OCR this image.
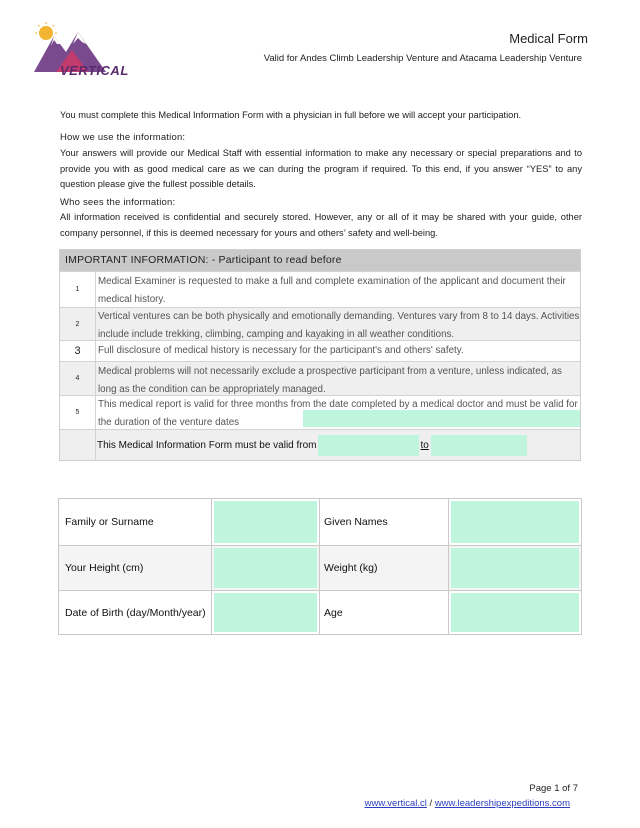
VERTICAL
Medical Form
Valid for Andes Climb Leadership Venture and Atacama Leadership Venture
You must complete this Medical Information Form with a physician in full before we will accept your participation.
How we use the information:
Your answers will provide our Medical Staff with essential information to make any necessary or special preparations and to provide you with as good medical care as we can during the program if required. To this end, if you answer “YES” to any question please give the fullest possible details.
Who sees the information:
All information received is confidential and securely stored. However, any or all of it may be shared with your guide, other company personnel, if this is deemed necessary for yours and others’ safety and well-being.
IMPORTANT INFORMATION: - Participant to read before
1
Medical Examiner is requested to make a full and complete examination of the applicant and document their medical history.
2
Vertical ventures can be both physically and emotionally demanding. Ventures vary from 8 to 14 days. Activities include include trekking, climbing, camping and kayaking in all weather conditions.
3	Full disclosure of medical history is necessary for the participant's and others' safety.
4
Medical problems will not necessarily exclude a prospective participant from a venture, unless indicated, as long as the condition can be appropriately managed.
5
This medical report is valid for three months from the date completed by a medical doctor and must be valid for the duration of the venture dates
This Medical Information Form must be valid from	to
Family or Surname	Given Names
Your Height (cm)	Weight (kg)
Date of Birth (day/Month/year)	Age
Page 1 of 7
www.vertical.cl / www.leadershipexpeditions.com
